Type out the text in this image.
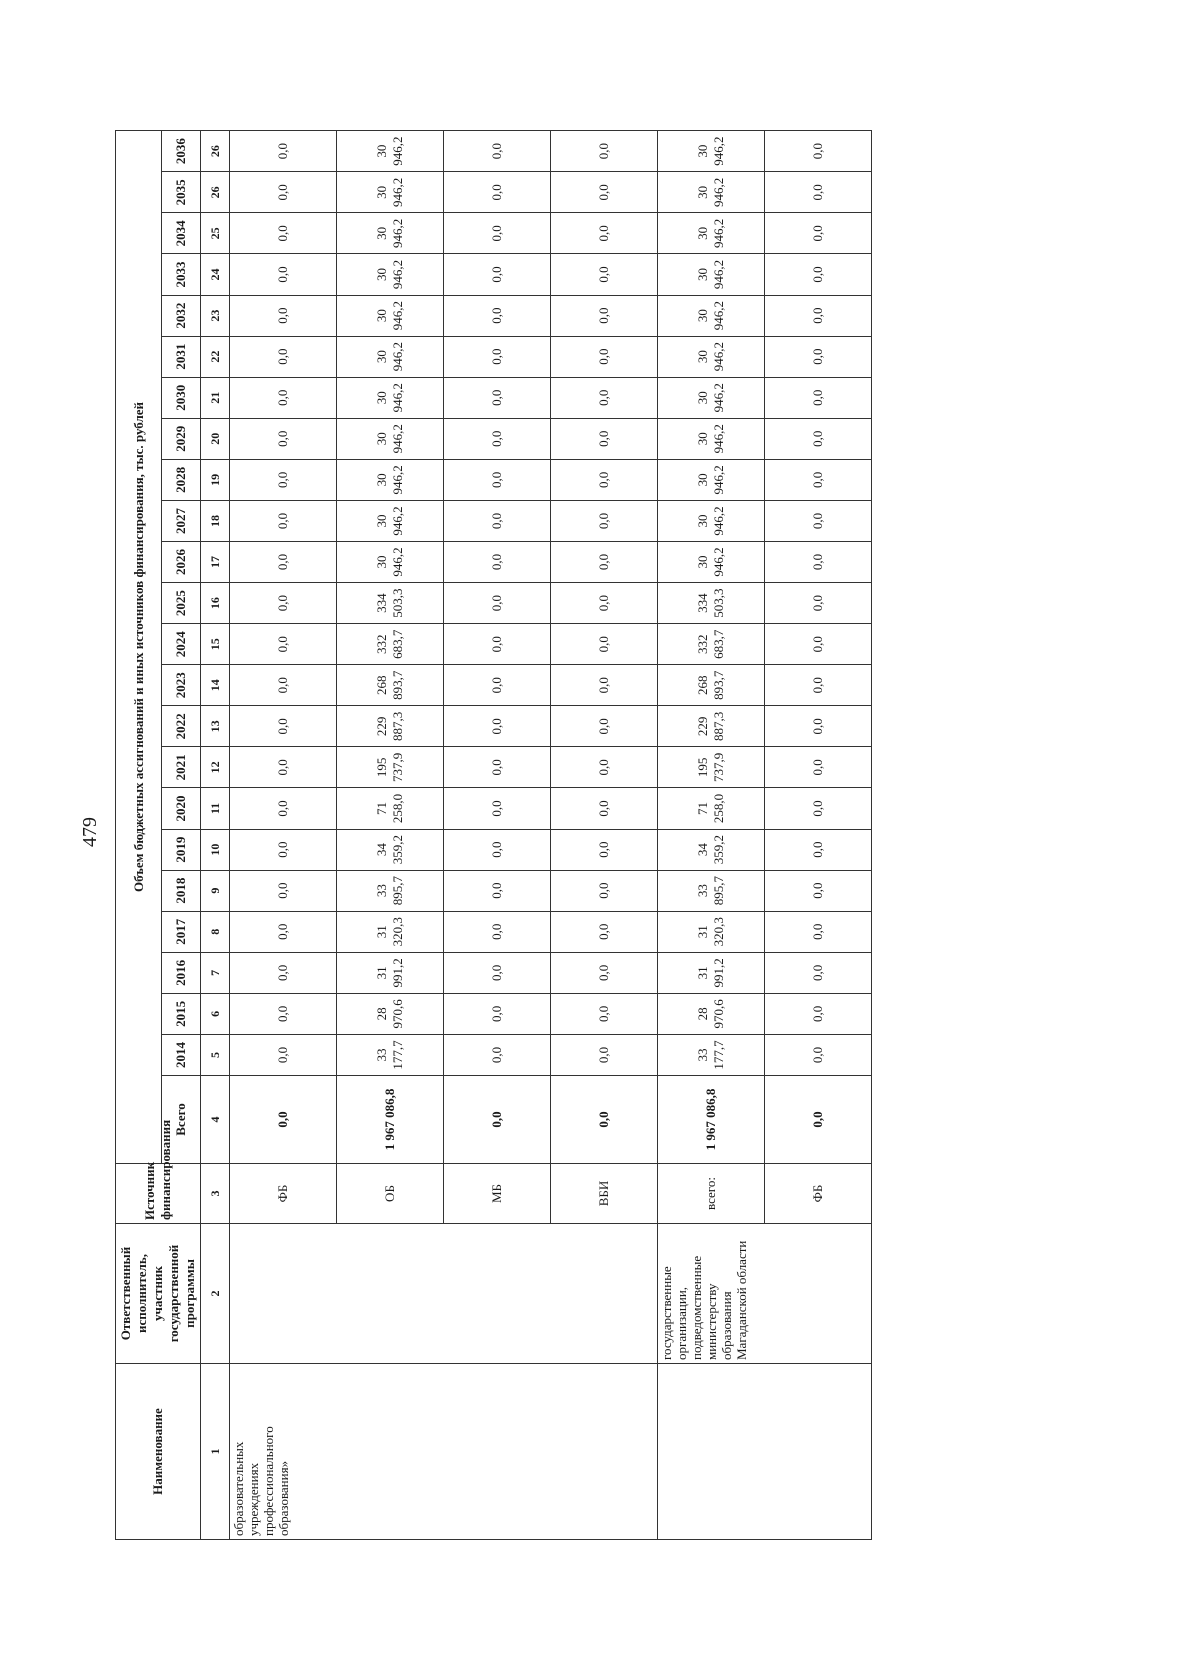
479
Наименование	Ответственный исполнитель, участник государственной программы	Источник финансирования	Объем бюджетных ассигнований и иных источников финансирования, тыс. рублей																							
			Всего	2014	2015	2016	2017	2018	2019	2020	2021	2022	2023	2024	2025	2026	2027	2028	2029	2030	2031	2032	2033	2034	2035	2036
1	2	3	4	5	6	7	8	9	10	11	12	13	14	15	16	17	18	19	20	21	22	23	24	25	26	26

образовательных учреждениях профессионального образования»		ФБ	0,0	0,0	0,0	0,0	0,0	0,0	0,0	0,0	0,0	0,0	0,0	0,0	0,0	0,0	0,0	0,0	0,0	0,0	0,0	0,0	0,0	0,0	0,0	0,0
		ОБ	1 967 086,8	33 177,7	28 970,6	31 991,2	31 320,3	33 895,7	34 359,2	71 258,0	195 737,9	229 887,3	268 893,7	332 683,7	334 503,3	30 946,2	30 946,2	30 946,2	30 946,2	30 946,2	30 946,2	30 946,2	30 946,2	30 946,2	30 946,2	30 946,2
		МБ	0,0	0,0	0,0	0,0	0,0	0,0	0,0	0,0	0,0	0,0	0,0	0,0	0,0	0,0	0,0	0,0	0,0	0,0	0,0	0,0	0,0	0,0	0,0	0,0
		ВБИ	0,0	0,0	0,0	0,0	0,0	0,0	0,0	0,0	0,0	0,0	0,0	0,0	0,0	0,0	0,0	0,0	0,0	0,0	0,0	0,0	0,0	0,0	0,0	0,0

	государственные организации, подведомственные министерству образования Магаданской области	всего:	1 967 086,8	33 177,7	28 970,6	31 991,2	31 320,3	33 895,7	34 359,2	71 258,0	195 737,9	229 887,3	268 893,7	332 683,7	334 503,3	30 946,2	30 946,2	30 946,2	30 946,2	30 946,2	30 946,2	30 946,2	30 946,2	30 946,2	30 946,2	30 946,2
		ФБ	0,0	0,0	0,0	0,0	0,0	0,0	0,0	0,0	0,0	0,0	0,0	0,0	0,0	0,0	0,0	0,0	0,0	0,0	0,0	0,0	0,0	0,0	0,0	0,0
